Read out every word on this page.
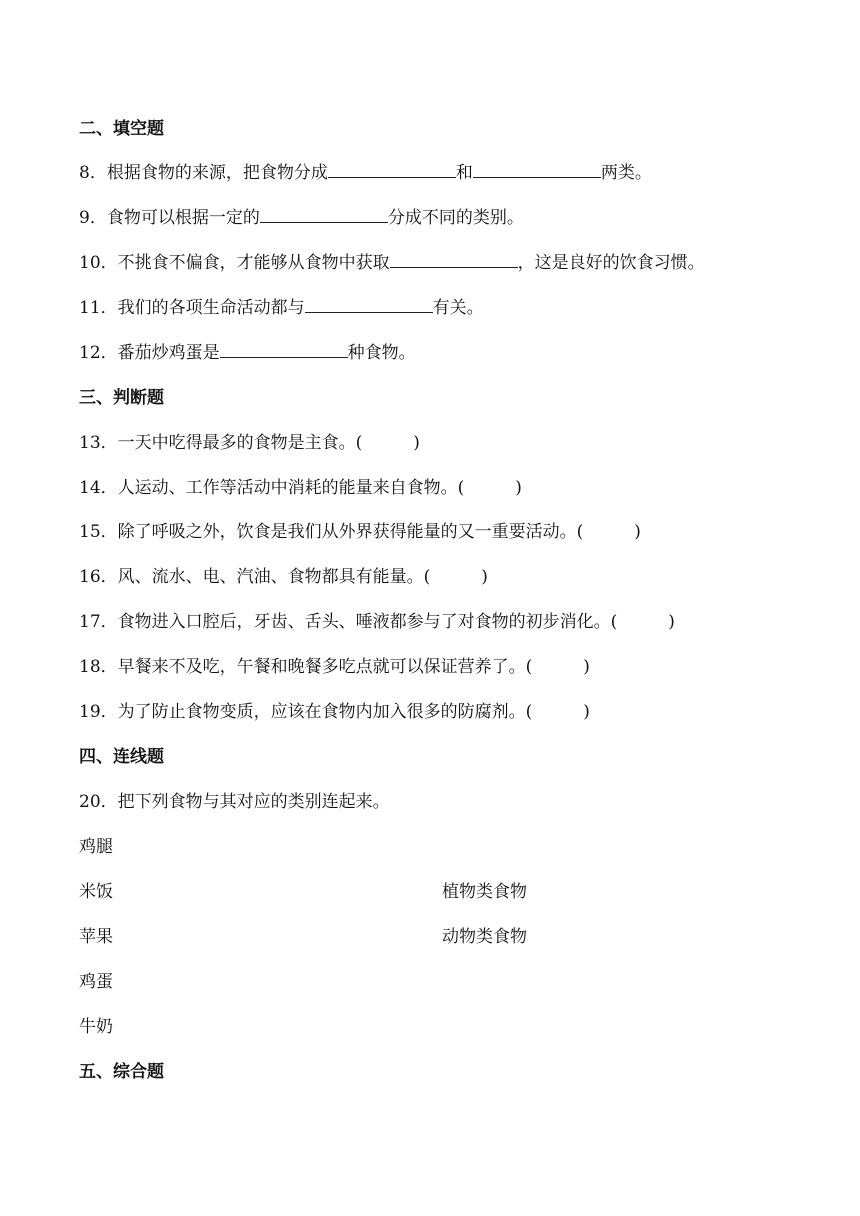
二、填空题
8．根据食物的来源，把食物分成	和	两类。
9．食物可以根据一定的	分成不同的类别。
10．不挑食不偏食，才能够从食物中获取	，这是良好的饮食习惯。
11．我们的各项生命活动都与	有关。
12．番茄炒鸡蛋是	种食物。
三、判断题
13．一天中吃得最多的食物是主食。(　　　)
14．人运动、工作等活动中消耗的能量来自食物。(　　　)
15．除了呼吸之外，饮食是我们从外界获得能量的又一重要活动。(　　　)
16．风、流水、电、汽油、食物都具有能量。(　　　)
17．食物进入口腔后，牙齿、舌头、唾液都参与了对食物的初步消化。(　　　)
18．早餐来不及吃，午餐和晚餐多吃点就可以保证营养了。(　　　)
19．为了防止食物变质，应该在食物内加入很多的防腐剂。(　　　)
四、连线题
20．把下列食物与其对应的类别连起来。
鸡腿
米饭
苹果
鸡蛋
牛奶
植物类食物
动物类食物
五、综合题
